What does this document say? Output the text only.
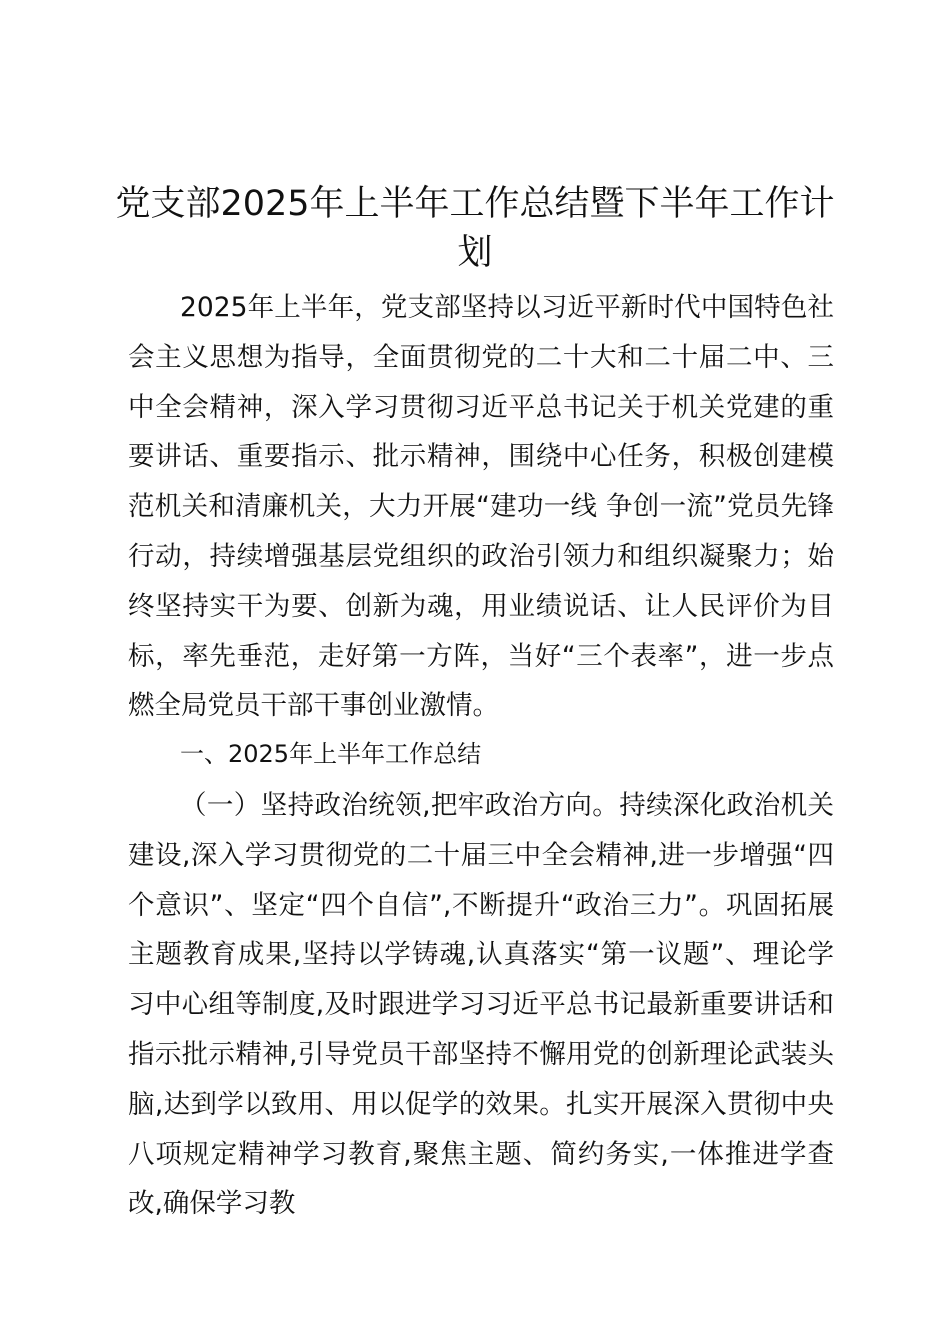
党支部2025年上半年工作总结暨下半年工作计划

2025年上半年，党支部坚持以习近平新时代中国特色社会主义思想为指导，全面贯彻党的二十大和二十届二中、三中全会精神，深入学习贯彻习近平总书记关于机关党建的重要讲话、重要指示、批示精神，围绕中心任务，积极创建模范机关和清廉机关，大力开展“建功一线 争创一流”党员先锋行动，持续增强基层党组织的政治引领力和组织凝聚力；始终坚持实干为要、创新为魂，用业绩说话、让人民评价为目标，率先垂范，走好第一方阵，当好“三个表率”，进一步点燃全局党员干部干事创业激情。

一、2025年上半年工作总结

（一）坚持政治统领,把牢政治方向。持续深化政治机关建设,深入学习贯彻党的二十届三中全会精神,进一步增强“四个意识”、坚定“四个自信”,不断提升“政治三力”。巩固拓展主题教育成果,坚持以学铸魂,认真落实“第一议题”、理论学习中心组等制度,及时跟进学习习近平总书记最新重要讲话和指示批示精神,引导党员干部坚持不懈用党的创新理论武装头脑,达到学以致用、用以促学的效果。扎实开展深入贯彻中央八项规定精神学习教育,聚焦主题、简约务实,一体推进学查改,确保学习教
